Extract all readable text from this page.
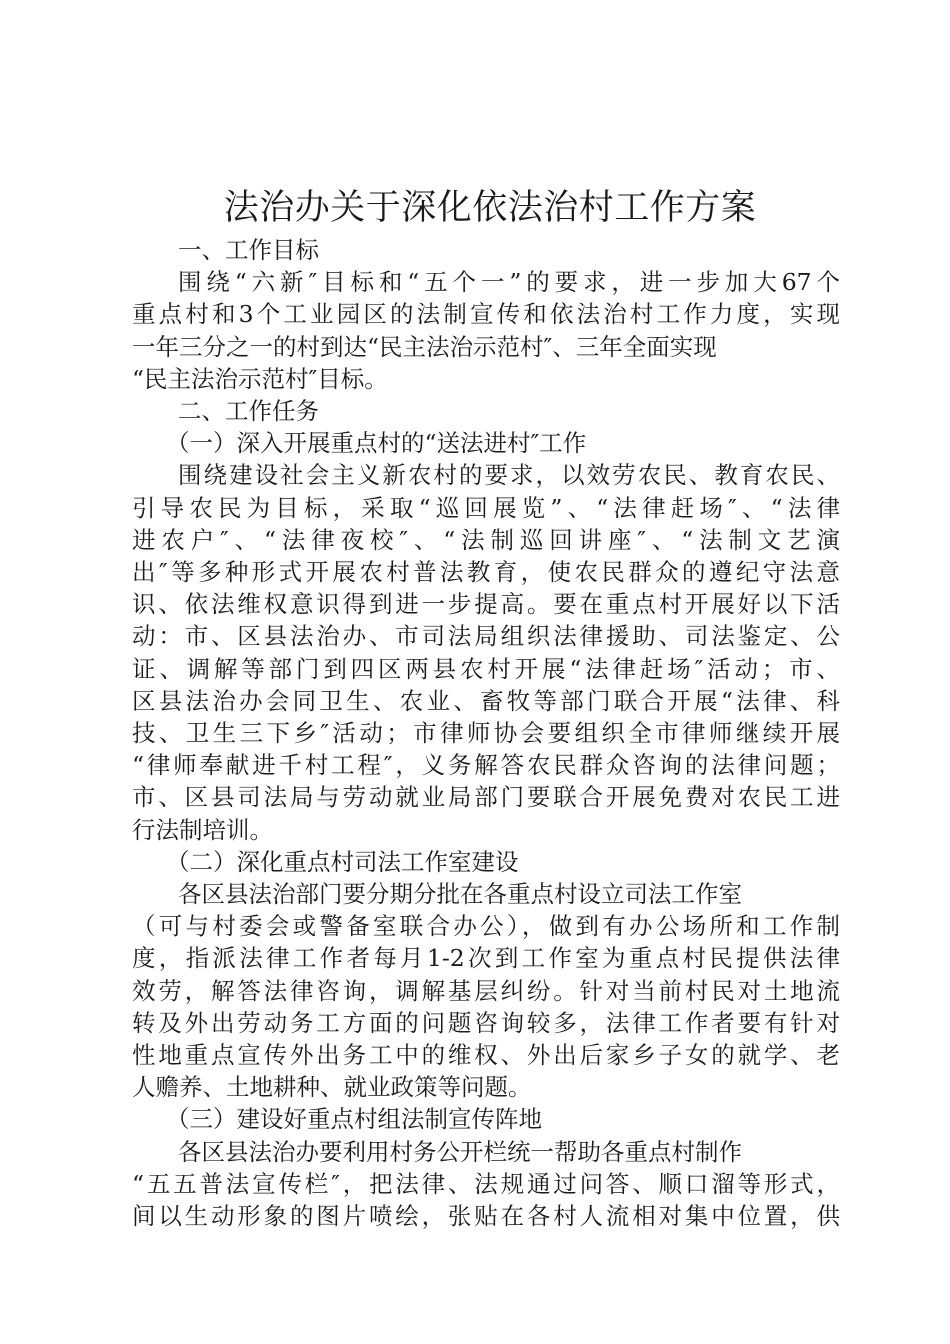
法治办关于深化依法治村工作方案
一、工作目标
围绕“六新″目标和“五个一”的要求，进一步加大67个
重点村和3个工业园区的法制宣传和依法治村工作力度，实现
一年三分之一的村到达“民主法治示范村″、三年全面实现
“民主法治示范村″目标。
二、工作任务
（一）深入开展重点村的“送法进村″工作
围绕建设社会主义新农村的要求，以效劳农民、教育农民、
引导农民为目标，采取“巡回展览”、“法律赶场″、“法律
进农户″、“法律夜校″、“法制巡回讲座″、“法制文艺演
出″等多种形式开展农村普法教育，使农民群众的遵纪守法意
识、依法维权意识得到进一步提高。要在重点村开展好以下活
动：市、区县法治办、市司法局组织法律援助、司法鉴定、公
证、调解等部门到四区两县农村开展“法律赶场″活动；市、
区县法治办会同卫生、农业、畜牧等部门联合开展“法律、科
技、卫生三下乡″活动；市律师协会要组织全市律师继续开展
“律师奉献进千村工程″，义务解答农民群众咨询的法律问题；
市、区县司法局与劳动就业局部门要联合开展免费对农民工进
行法制培训。
（二）深化重点村司法工作室建设
各区县法治部门要分期分批在各重点村设立司法工作室
（可与村委会或警备室联合办公），做到有办公场所和工作制
度，指派法律工作者每月1-2次到工作室为重点村民提供法律
效劳，解答法律咨询，调解基层纠纷。针对当前村民对土地流
转及外出劳动务工方面的问题咨询较多，法律工作者要有针对
性地重点宣传外出务工中的维权、外出后家乡子女的就学、老
人赡养、土地耕种、就业政策等问题。
（三）建设好重点村组法制宣传阵地
各区县法治办要利用村务公开栏统一帮助各重点村制作
“五五普法宣传栏″，把法律、法规通过问答、顺口溜等形式，
间以生动形象的图片喷绘，张贴在各村人流相对集中位置，供
